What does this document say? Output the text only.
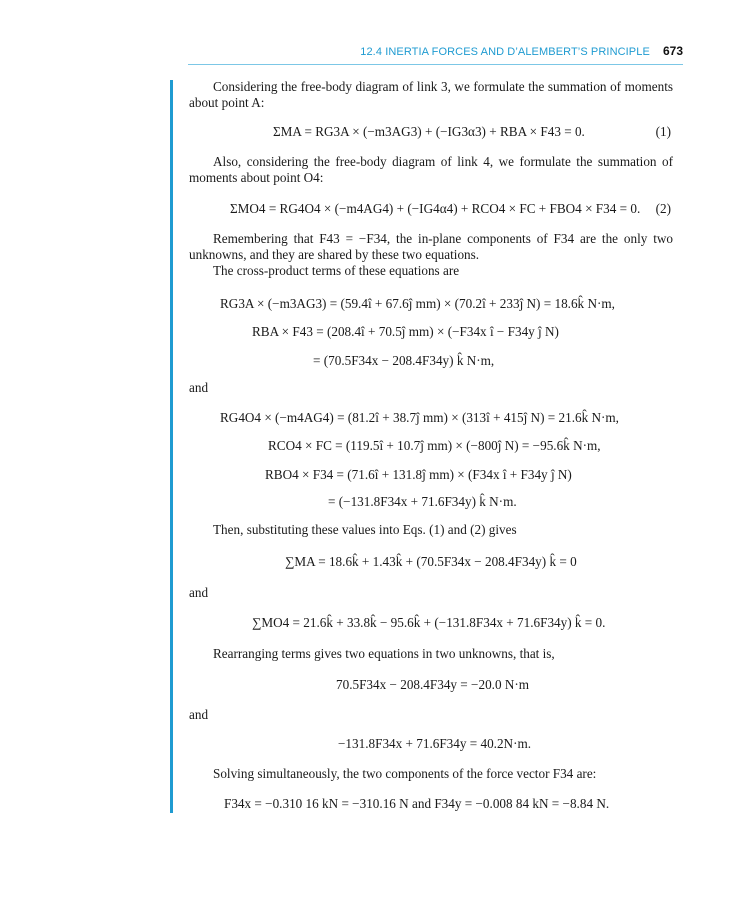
12.4 INERTIA FORCES AND D’ALEMBERT’S PRINCIPLE 673
Considering the free-body diagram of link 3, we formulate the summation of moments about point A:
ΣMA = RG3A × (−m3AG3) + (−IG3α3) + RBA × F43 = 0.	(1)
Also, considering the free-body diagram of link 4, we formulate the summation of moments about point O4:
ΣMO4 = RG4O4 × (−m4AG4) + (−IG4α4) + RCO4 × FC + FBO4 × F34 = 0. (2)
Remembering that F43 = −F34, the in-plane components of F34 are the only two unknowns, and they are shared by these two equations.
The cross-product terms of these equations are
RG3A × (−m3AG3) = (59.4î + 67.6ĵ mm) × (70.2î + 233ĵ N) = 18.6k̂ N·m,
RBA × F43 = (208.4î + 70.5ĵ mm) × (−F34x î − F34y ĵ N)
= (70.5F34x − 208.4F34y) k̂ N·m,
and
RG4O4 × (−m4AG4) = (81.2î + 38.7ĵ mm) × (313î + 415ĵ N) = 21.6k̂ N·m,
RCO4 × FC = (119.5î + 10.7ĵ mm) × (−800ĵ N) = −95.6k̂ N·m,
RBO4 × F34 = (71.6î + 131.8ĵ mm) × (F34x î + F34y ĵ N)
= (−131.8F34x + 71.6F34y) k̂ N·m.
Then, substituting these values into Eqs. (1) and (2) gives
∑MA = 18.6k̂ + 1.43k̂ + (70.5F34x − 208.4F34y) k̂ = 0
and
∑MO4 = 21.6k̂ + 33.8k̂ − 95.6k̂ + (−131.8F34x + 71.6F34y) k̂ = 0.
Rearranging terms gives two equations in two unknowns, that is,
70.5F34x − 208.4F34y = −20.0 N·m
and
−131.8F34x + 71.6F34y = 40.2N·m.
Solving simultaneously, the two components of the force vector F34 are:
F34x = −0.310 16 kN = −310.16 N and F34y = −0.008 84 kN = −8.84 N.
